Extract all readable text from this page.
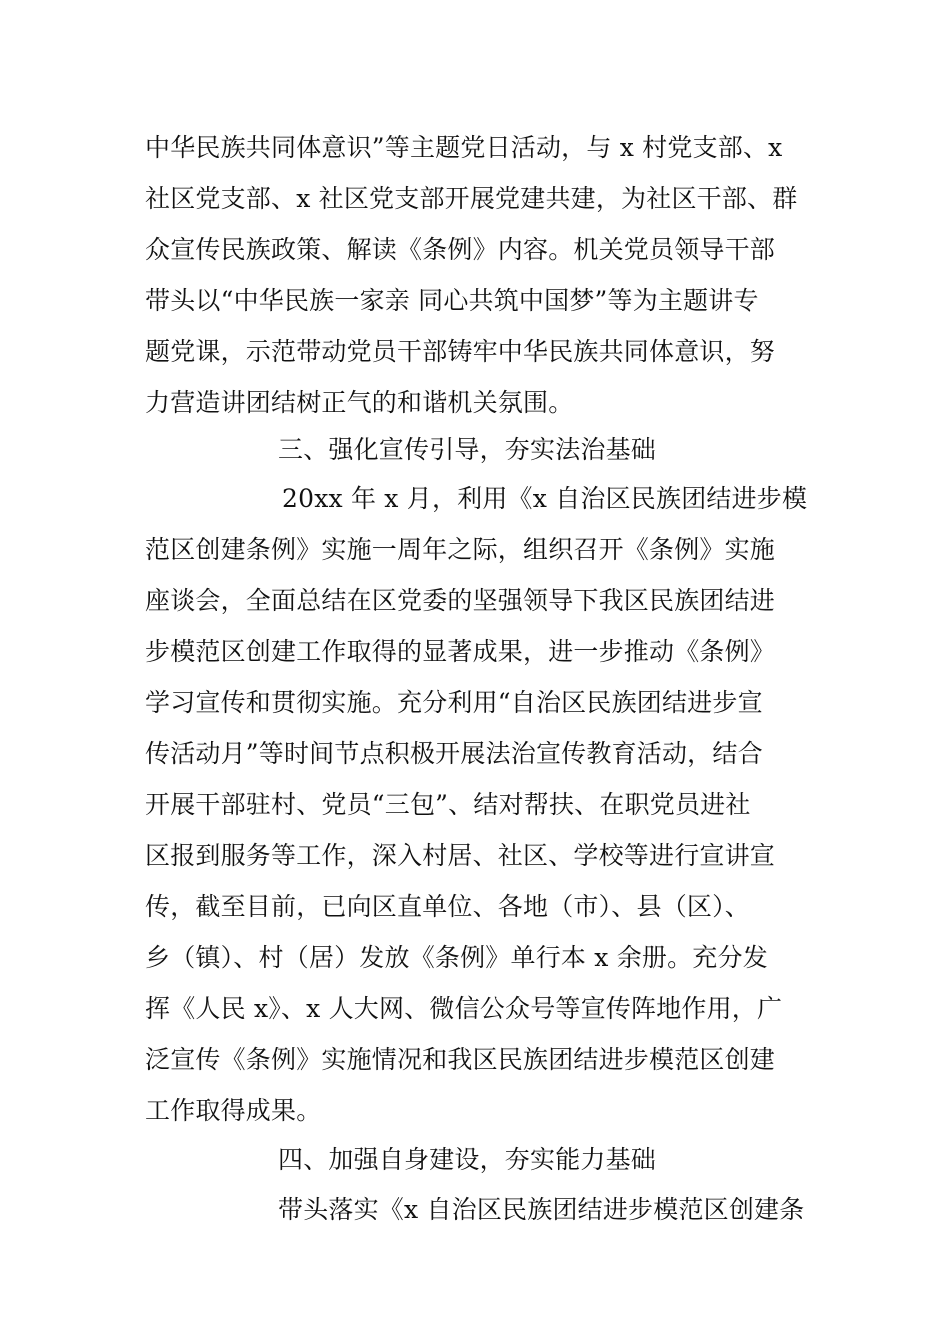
中华民族共同体意识”等主题党日活动，与 x 村党支部、x
社区党支部、x 社区党支部开展党建共建，为社区干部、群
众宣传民族政策、解读《条例》内容。机关党员领导干部
带头以“中华民族一家亲 同心共筑中国梦”等为主题讲专
题党课，示范带动党员干部铸牢中华民族共同体意识，努
力营造讲团结树正气的和谐机关氛围。
三、强化宣传引导，夯实法治基础
20xx 年 x 月，利用《x 自治区民族团结进步模
范区创建条例》实施一周年之际，组织召开《条例》实施
座谈会，全面总结在区党委的坚强领导下我区民族团结进
步模范区创建工作取得的显著成果，进一步推动《条例》
学习宣传和贯彻实施。充分利用“自治区民族团结进步宣
传活动月”等时间节点积极开展法治宣传教育活动，结合
开展干部驻村、党员“三包”、结对帮扶、在职党员进社
区报到服务等工作，深入村居、社区、学校等进行宣讲宣
传，截至目前，已向区直单位、各地（市）、县（区）、
乡（镇）、村（居）发放《条例》单行本 x 余册。充分发
挥《人民 x》、x 人大网、微信公众号等宣传阵地作用，广
泛宣传《条例》实施情况和我区民族团结进步模范区创建
工作取得成果。
四、加强自身建设，夯实能力基础
带头落实《x 自治区民族团结进步模范区创建条
